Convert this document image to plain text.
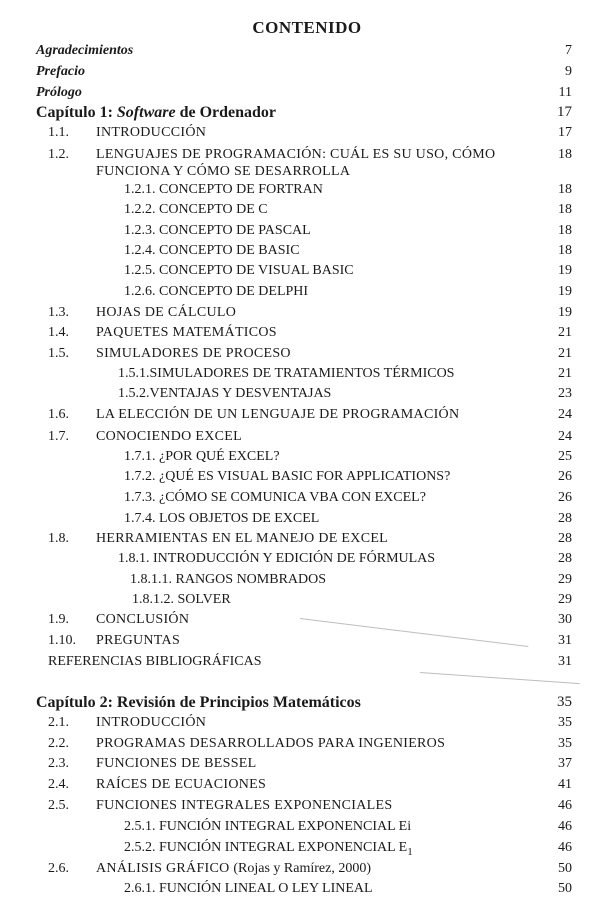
CONTENIDO
Agradecimientos	7
Prefacio	9
Prólogo	11
Capítulo 1: Software de Ordenador	17
1.1. INTRODUCCIÓN	17
1.2. LENGUAJES DE PROGRAMACIÓN: CUÁL ES SU USO, CÓMO	18
FUNCIONA Y CÓMO SE DESARROLLA
1.2.1. CONCEPTO DE FORTRAN	18
1.2.2. CONCEPTO DE C	18
1.2.3. CONCEPTO DE PASCAL	18
1.2.4. CONCEPTO DE BASIC	18
1.2.5. CONCEPTO DE VISUAL BASIC	19
1.2.6. CONCEPTO DE DELPHI	19
1.3. HOJAS DE CÁLCULO	19
1.4. PAQUETES MATEMÁTICOS	21
1.5. SIMULADORES DE PROCESO	21
1.5.1.SIMULADORES DE TRATAMIENTOS TÉRMICOS	21
1.5.2.VENTAJAS Y DESVENTAJAS	23
1.6. LA ELECCIÓN DE UN LENGUAJE DE PROGRAMACIÓN	24
1.7. CONOCIENDO EXCEL	24
1.7.1. ¿POR QUÉ EXCEL?	25
1.7.2. ¿QUÉ ES VISUAL BASIC FOR APPLICATIONS?	26
1.7.3. ¿CÓMO SE COMUNICA VBA CON EXCEL?	26
1.7.4. LOS OBJETOS DE EXCEL	28
1.8. HERRAMIENTAS EN EL MANEJO DE EXCEL	28
1.8.1. INTRODUCCIÓN Y EDICIÓN DE FÓRMULAS	28
1.8.1.1. RANGOS NOMBRADOS	29
1.8.1.2. SOLVER	29
1.9. CONCLUSIÓN	30
1.10. PREGUNTAS	31
REFERENCIAS BIBLIOGRÁFICAS	31
Capítulo 2: Revisión de Principios Matemáticos	35
2.1. INTRODUCCIÓN	35
2.2. PROGRAMAS DESARROLLADOS PARA INGENIEROS	35
2.3. FUNCIONES DE BESSEL	37
2.4. RAÍCES DE ECUACIONES	41
2.5. FUNCIONES INTEGRALES EXPONENCIALES	46
2.5.1. FUNCIÓN INTEGRAL EXPONENCIAL Ei	46
2.5.2. FUNCIÓN INTEGRAL EXPONENCIAL $E_1$	46
2.6. ANÁLISIS GRÁFICO (Rojas y Ramírez, 2000)	50
2.6.1. FUNCIÓN LINEAL O LEY LINEAL	50
